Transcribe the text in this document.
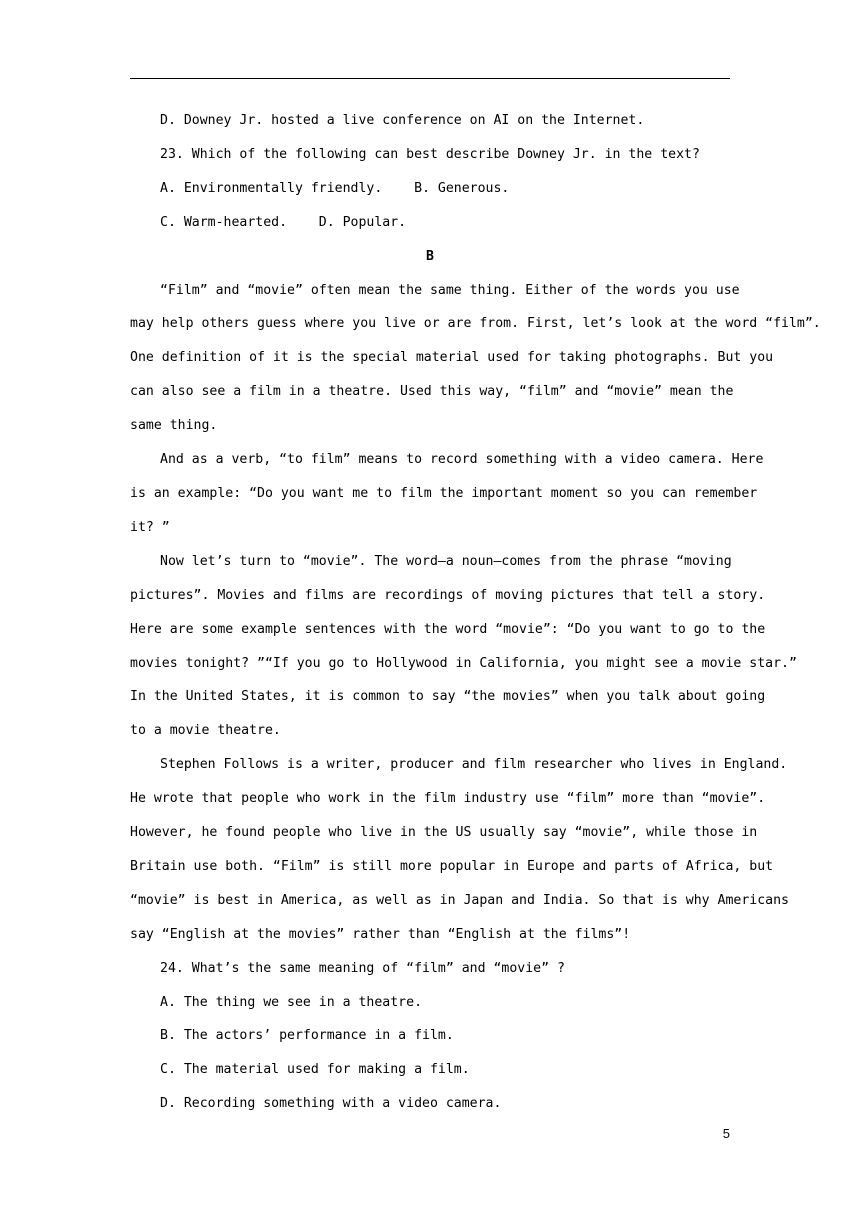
D. Downey Jr. hosted a live conference on AI on the Internet.

23. Which of the following can best describe Downey Jr. in the text?

A. Environmentally friendly.    B. Generous.

C. Warm-hearted.    D. Popular.

B

“Film” and “movie” often mean the same thing. Either of the words you use

may help others guess where you live or are from. First, let’s look at the word “film”.

One definition of it is the special material used for taking photographs. But you

can also see a film in a theatre. Used this way, “film” and “movie” mean the

same thing.

And as a verb, “to film” means to record something with a video camera. Here

is an example: “Do you want me to film the important moment so you can remember

it? ”

Now let’s turn to “movie”. The word—a noun—comes from the phrase “moving

pictures”. Movies and films are recordings of moving pictures that tell a story.

Here are some example sentences with the word “movie”: “Do you want to go to the

movies tonight? ”“If you go to Hollywood in California, you might see a movie star.”

In the United States, it is common to say “the movies” when you talk about going

to a movie theatre.

Stephen Follows is a writer, producer and film researcher who lives in England.

He wrote that people who work in the film industry use “film” more than “movie”.

However, he found people who live in the US usually say “movie”, while those in

Britain use both. “Film” is still more popular in Europe and parts of Africa, but

“movie” is best in America, as well as in Japan and India. So that is why Americans

say “English at the movies” rather than “English at the films”!

24. What’s the same meaning of “film” and “movie” ?

A. The thing we see in a theatre.

B. The actors’ performance in a film.

C. The material used for making a film.

D. Recording something with a video camera.

5
